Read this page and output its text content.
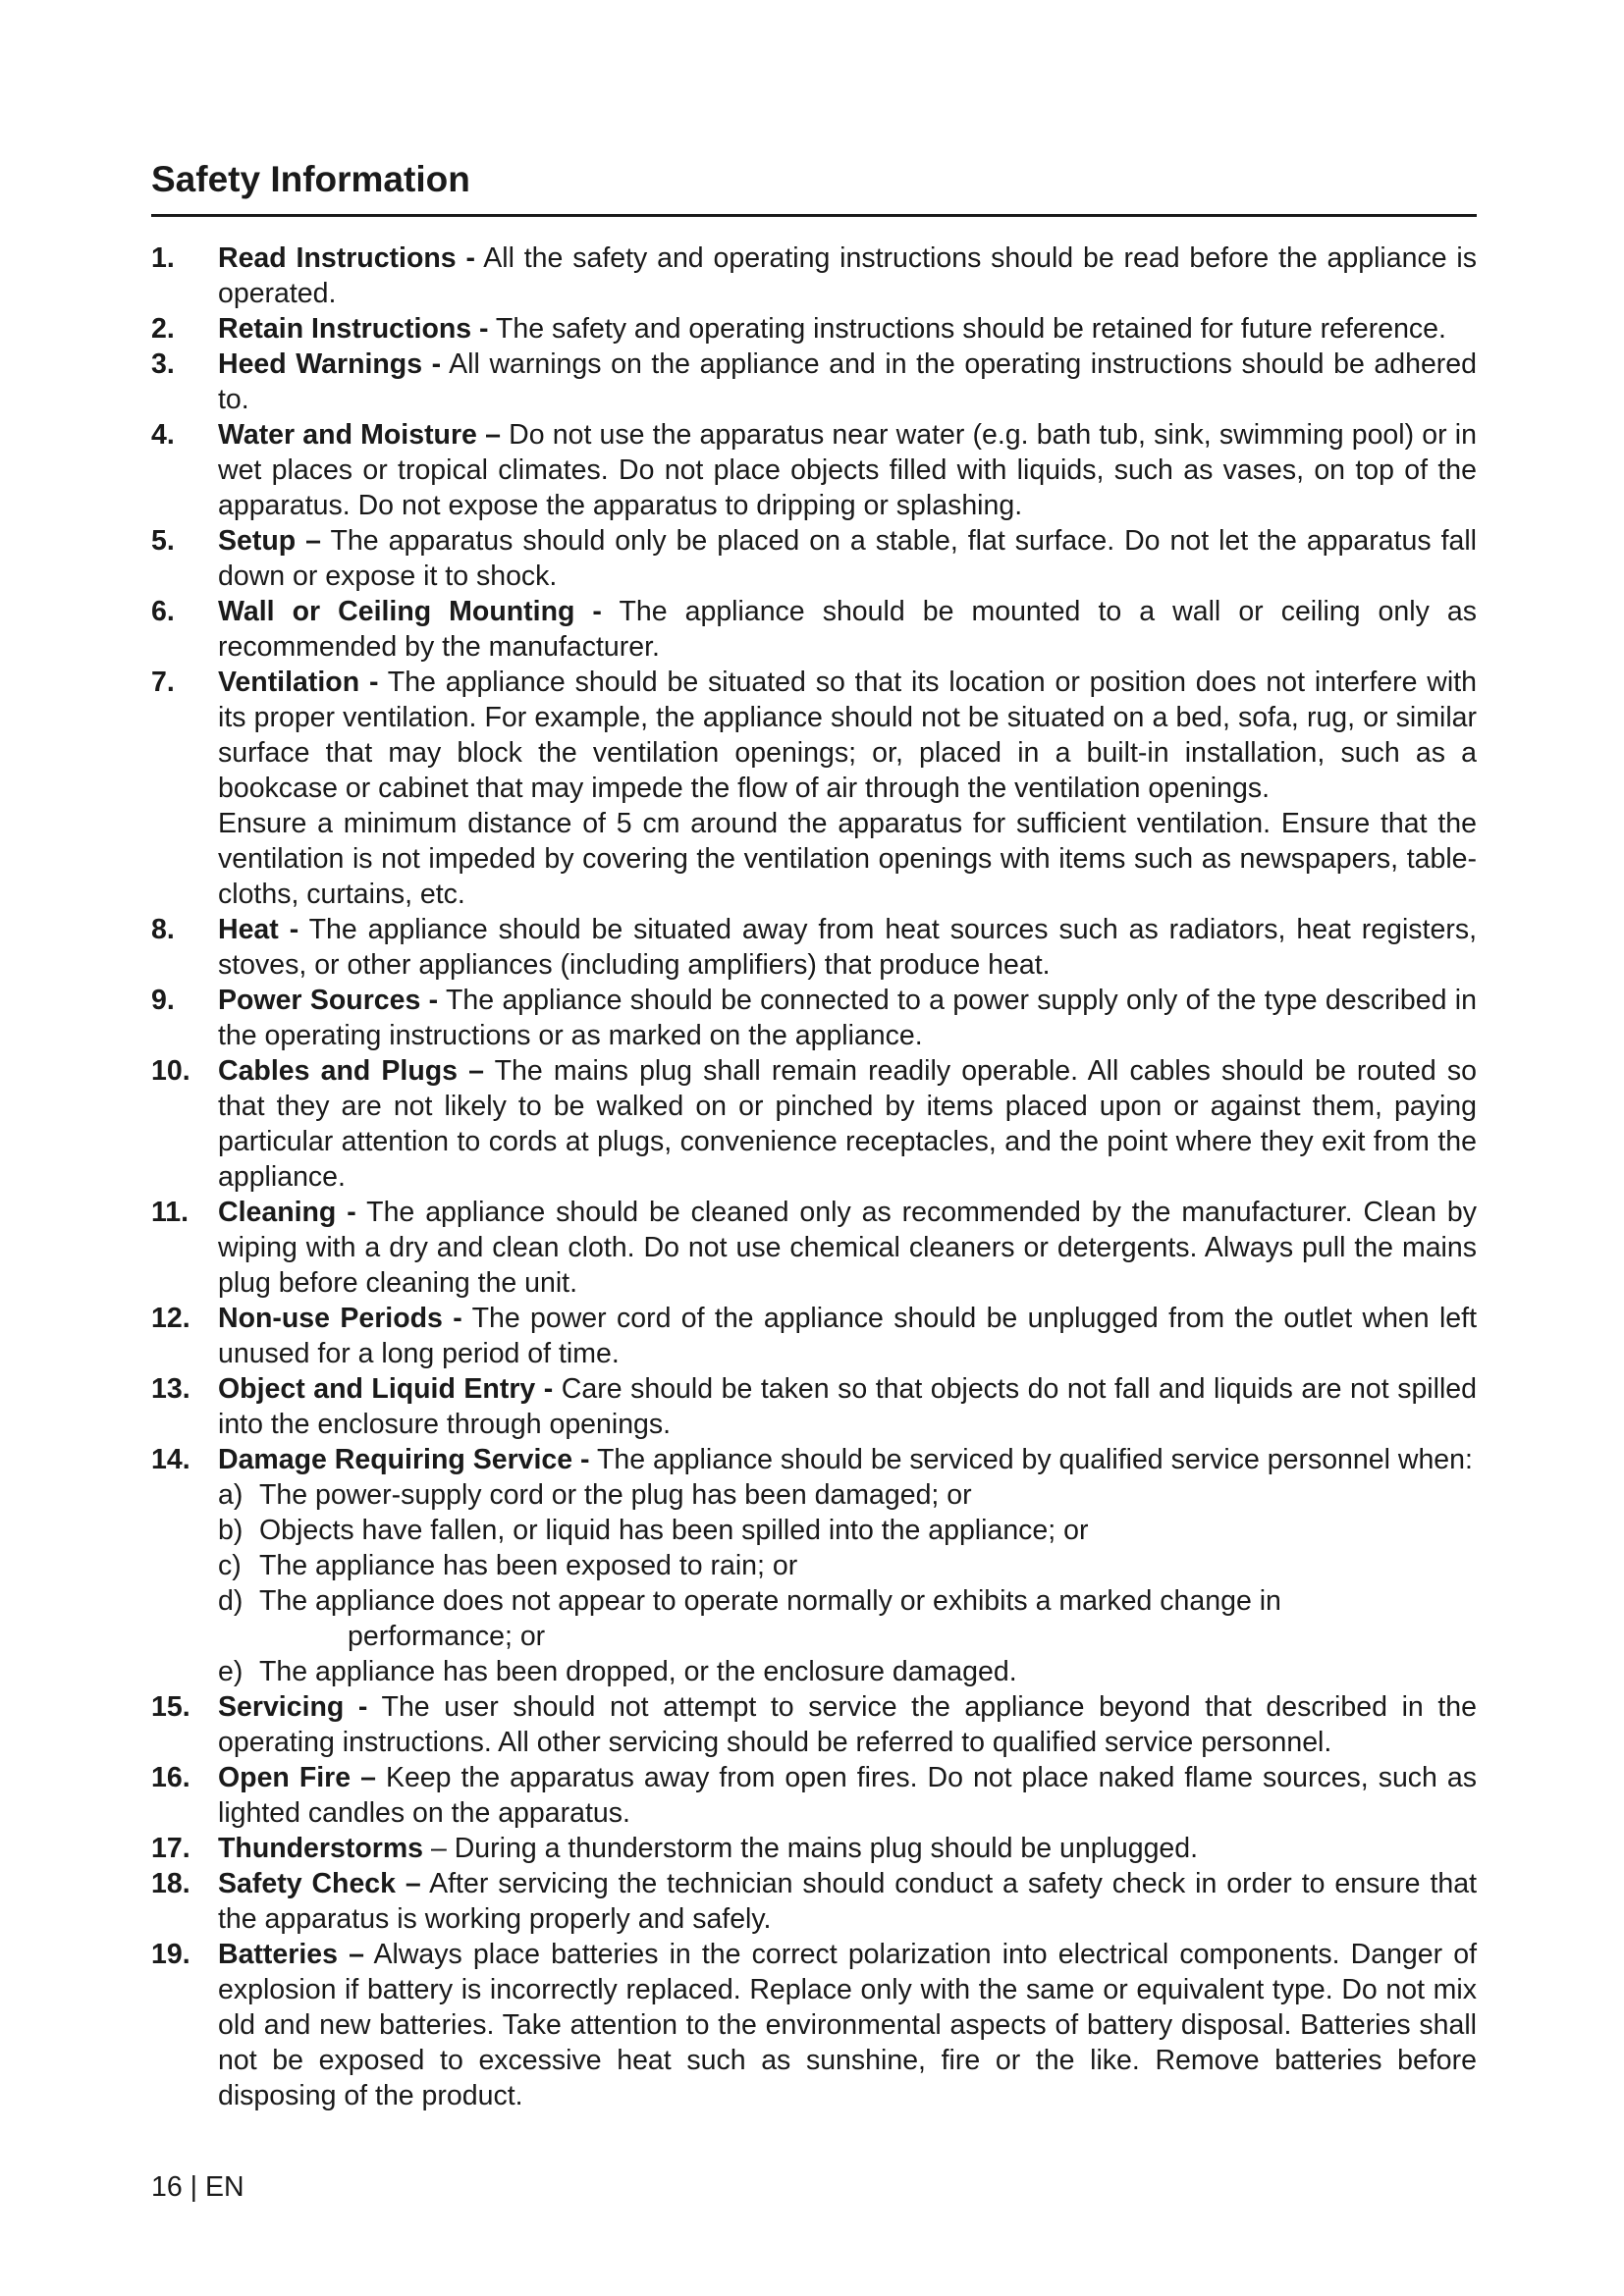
Safety Information
1. Read Instructions - All the safety and operating instructions should be read before the appliance is operated.

2. Retain Instructions - The safety and operating instructions should be retained for future reference.

3. Heed Warnings - All warnings on the appliance and in the operating instructions should be adhered to.

4. Water and Moisture – Do not use the apparatus near water (e.g. bath tub, sink, swimming pool) or in wet places or tropical climates. Do not place objects filled with liquids, such as vases, on top of the apparatus. Do not expose the apparatus to dripping or splashing.

5. Setup – The apparatus should only be placed on a stable, flat surface. Do not let the apparatus fall down or expose it to shock.

6. Wall or Ceiling Mounting - The appliance should be mounted to a wall or ceiling only as recommended by the manufacturer.

7. Ventilation - The appliance should be situated so that its location or position does not interfere with its proper ventilation. For example, the appliance should not be situated on a bed, sofa, rug, or similar surface that may block the ventilation openings; or, placed in a built-in installation, such as a bookcase or cabinet that may impede the flow of air through the ventilation openings.

Ensure a minimum distance of 5 cm around the apparatus for sufficient ventilation. Ensure that the ventilation is not impeded by covering the ventilation openings with items such as newspapers, table-cloths, curtains, etc.

8. Heat - The appliance should be situated away from heat sources such as radiators, heat registers, stoves, or other appliances (including amplifiers) that produce heat.

9. Power Sources - The appliance should be connected to a power supply only of the type described in the operating instructions or as marked on the appliance.

10. Cables and Plugs – The mains plug shall remain readily operable. All cables should be routed so that they are not likely to be walked on or pinched by items placed upon or against them, paying particular attention to cords at plugs, convenience receptacles, and the point where they exit from the appliance.

11. Cleaning - The appliance should be cleaned only as recommended by the manufacturer. Clean by wiping with a dry and clean cloth. Do not use chemical cleaners or detergents. Always pull the mains plug before cleaning the unit.

12. Non-use Periods - The power cord of the appliance should be unplugged from the outlet when left unused for a long period of time.

13. Object and Liquid Entry - Care should be taken so that objects do not fall and liquids are not spilled into the enclosure through openings.

14. Damage Requiring Service - The appliance should be serviced by qualified service personnel when:

a) The power-supply cord or the plug has been damaged; or
b) Objects have fallen, or liquid has been spilled into the appliance; or
c) The appliance has been exposed to rain; or
d) The appliance does not appear to operate normally or exhibits a marked change in
performance; or
e) The appliance has been dropped, or the enclosure damaged.
15. Servicing - The user should not attempt to service the appliance beyond that described in the operating instructions. All other servicing should be referred to qualified service personnel.

16. Open Fire – Keep the apparatus away from open fires. Do not place naked flame sources, such as lighted candles on the apparatus.

17. Thunderstorms – During a thunderstorm the mains plug should be unplugged.

18. Safety Check – After servicing the technician should conduct a safety check in order to ensure that the apparatus is working properly and safely.

19. Batteries – Always place batteries in the correct polarization into electrical components. Danger of explosion if battery is incorrectly replaced. Replace only with the same or equivalent type. Do not mix old and new batteries. Take attention to the environmental aspects of battery disposal. Batteries shall not be exposed to excessive heat such as sunshine, fire or the like. Remove batteries before disposing of the product.

16 | EN
